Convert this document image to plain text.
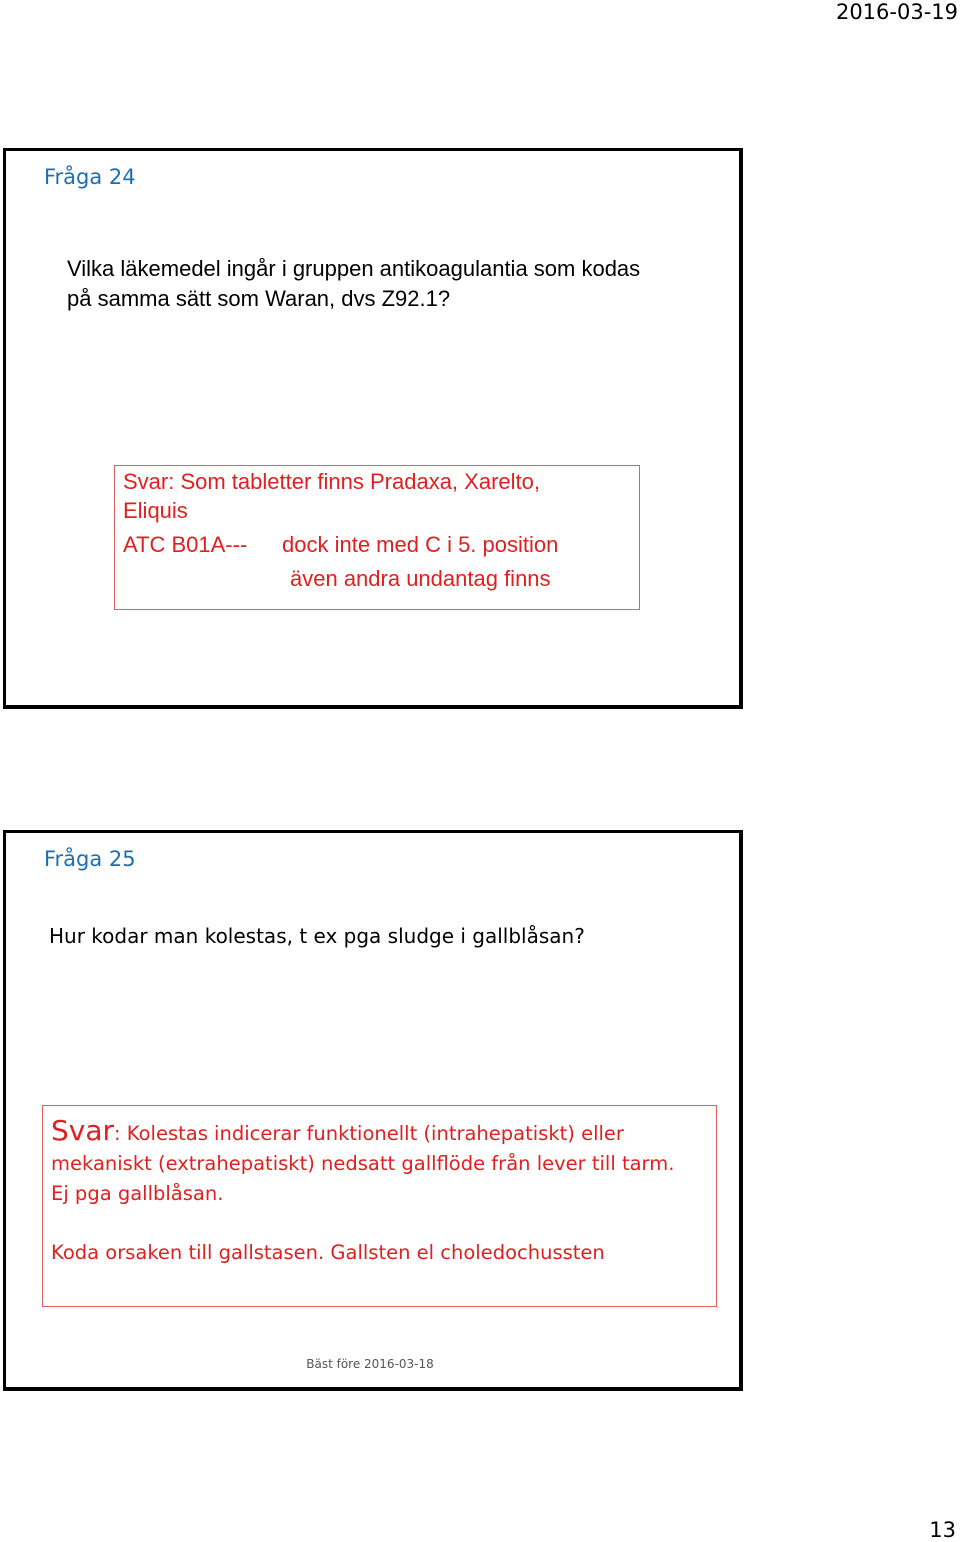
2016-03-19
Fråga 24
Vilka läkemedel ingår i gruppen antikoagulantia som kodas
på samma sätt som Waran, dvs Z92.1?
Svar: Som tabletter finns Pradaxa, Xarelto,
Eliquis
ATC B01A--- dock inte med C i 5. position
även andra undantag finns
Fråga 25
Hur kodar man kolestas, t ex pga sludge i gallblåsan?
Svar: Kolestas indicerar funktionellt (intrahepatiskt) eller
mekaniskt (extrahepatiskt) nedsatt gallflöde från lever till tarm.
Ej pga gallblåsan.
Koda orsaken till gallstasen. Gallsten el choledochussten
Bäst före 2016-03-18
13
